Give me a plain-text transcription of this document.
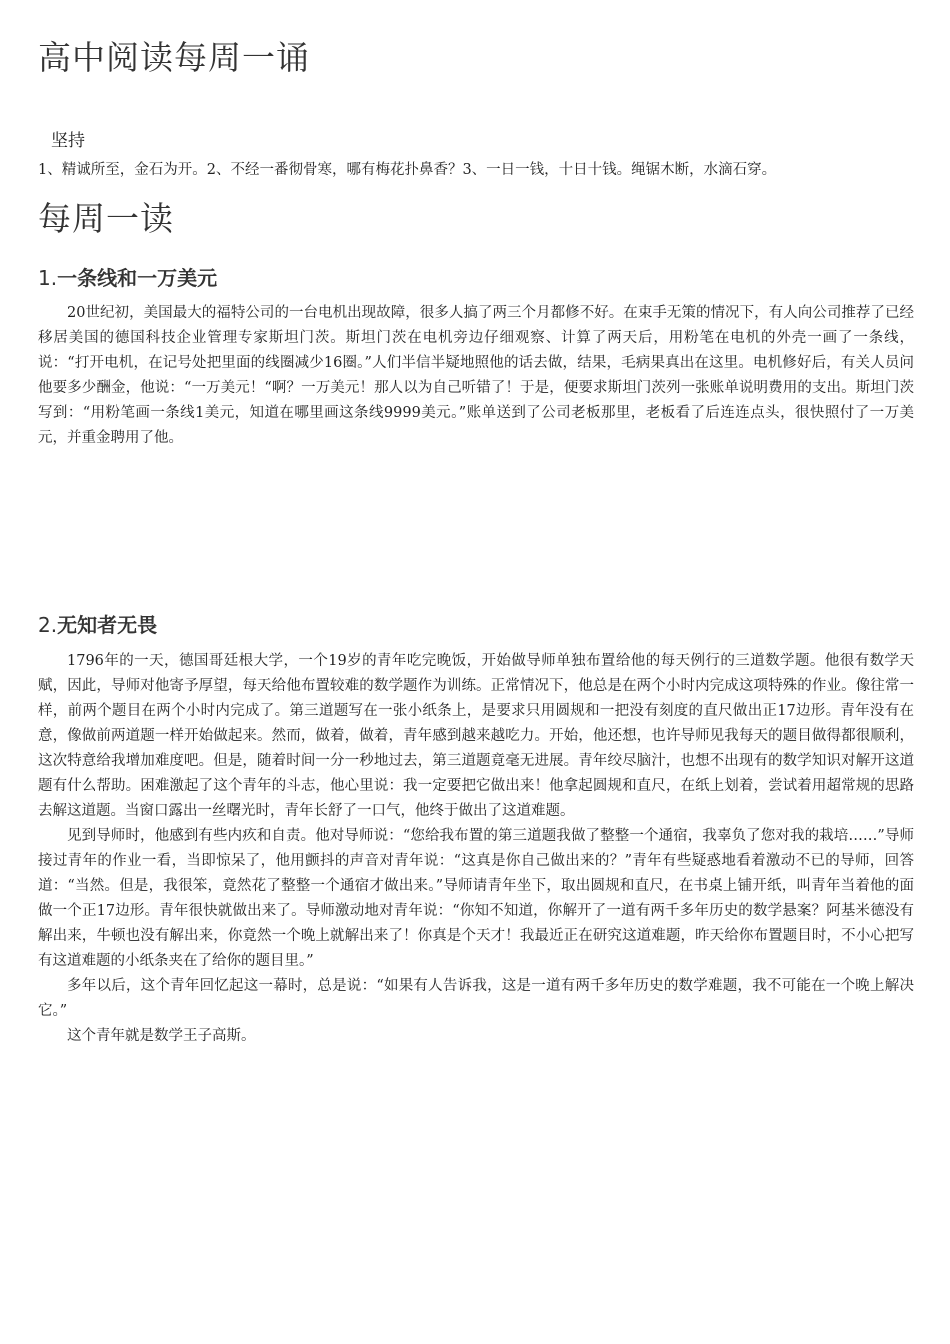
高中阅读每周一诵
坚持

1、精诚所至，金石为开。2、不经一番彻骨寒，哪有梅花扑鼻香？3、一日一钱，十日十钱。绳锯木断，水滴石穿。

每周一读
1.一条线和一万美元

20世纪初，美国最大的福特公司的一台电机出现故障，很多人搞了两三个月都修不好。在束手无策的情况下，有人向公司推荐了已经移居美国的德国科技企业管理专家斯坦门茨。斯坦门茨在电机旁边仔细观察、计算了两天后，用粉笔在电机的外壳一画了一条线，说：“打开电机，在记号处把里面的线圈减少16圈。”人们半信半疑地照他的话去做，结果，毛病果真出在这里。电机修好后，有关人员问他要多少酬金，他说：“一万美元！“啊？一万美元！那人以为自己听错了！于是，便要求斯坦门茨列一张账单说明费用的支出。斯坦门茨写到：“用粉笔画一条线1美元，知道在哪里画这条线9999美元。”账单送到了公司老板那里，老板看了后连连点头，很快照付了一万美元，并重金聘用了他。

2.无知者无畏

1796年的一天，德国哥廷根大学，一个19岁的青年吃完晚饭，开始做导师单独布置给他的每天例行的三道数学题。他很有数学天赋，因此，导师对他寄予厚望，每天给他布置较难的数学题作为训练。正常情况下，他总是在两个小时内完成这项特殊的作业。像往常一样，前两个题目在两个小时内完成了。第三道题写在一张小纸条上，是要求只用圆规和一把没有刻度的直尺做出正17边形。青年没有在意，像做前两道题一样开始做起来。然而，做着，做着，青年感到越来越吃力。开始，他还想，也许导师见我每天的题目做得都很顺利，这次特意给我增加难度吧。但是，随着时间一分一秒地过去，第三道题竟毫无进展。青年绞尽脑汁，也想不出现有的数学知识对解开这道题有什么帮助。困难激起了这个青年的斗志，他心里说：我一定要把它做出来！他拿起圆规和直尺，在纸上划着，尝试着用超常规的思路去解这道题。当窗口露出一丝曙光时，青年长舒了一口气，他终于做出了这道难题。

见到导师时，他感到有些内疚和自责。他对导师说：“您给我布置的第三道题我做了整整一个通宿，我辜负了您对我的栽培……”导师接过青年的作业一看，当即惊呆了，他用颤抖的声音对青年说：“这真是你自己做出来的？”青年有些疑惑地看着激动不已的导师，回答道：“当然。但是，我很笨，竟然花了整整一个通宿才做出来。”导师请青年坐下，取出圆规和直尺，在书桌上铺开纸，叫青年当着他的面做一个正17边形。青年很快就做出来了。导师激动地对青年说：“你知不知道，你解开了一道有两千多年历史的数学悬案？阿基米德没有解出来，牛顿也没有解出来，你竟然一个晚上就解出来了！你真是个天才！我最近正在研究这道难题，昨天给你布置题目时，不小心把写有这道难题的小纸条夹在了给你的题目里。”

多年以后，这个青年回忆起这一幕时，总是说：“如果有人告诉我，这是一道有两千多年历史的数学难题，我不可能在一个晚上解决它。”

这个青年就是数学王子高斯。
